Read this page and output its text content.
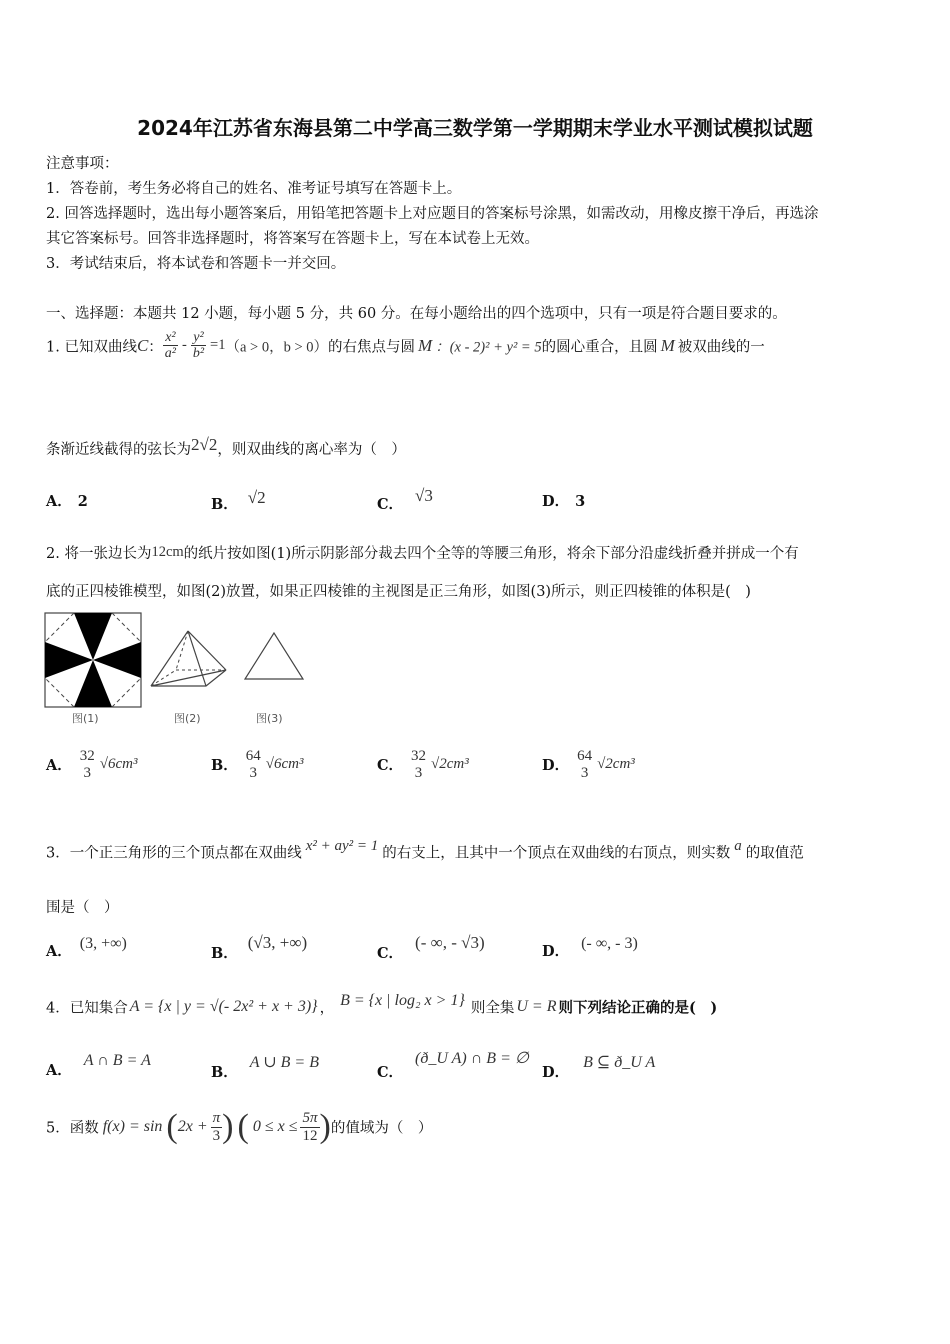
2024年江苏省东海县第二中学高三数学第一学期期末学业水平测试模拟试题
注意事项：
1．答卷前，考生务必将自己的姓名、准考证号填写在答题卡上。
2. 回答选择题时，选出每小题答案后，用铅笔把答题卡上对应题目的答案标号涂黑，如需改动，用橡皮擦干净后，再选涂
其它答案标号。回答非选择题时，将答案写在答题卡上，写在本试卷上无效。
3．考试结束后，将本试卷和答题卡一并交回。
一、选择题：本题共 12 小题，每小题 5 分，共 60 分。在每小题给出的四个选项中，只有一项是符合题目要求的。
1. 已知双曲线C： $\frac{\text{x²}}{\text{a²}} - \frac{\text{y²}}{\text{b²}} =1(a > 0$，b > 0）的右焦点与圆 M ：(x - 2)² + y² = 5的圆心重合，且圆 M 被双曲线的一
条渐近线截得的弦长为2√2，则双曲线的离心率为（　）
A． 2	B． √2	C． √3	D． 3
2. 将一张边长为12cm的纸片按如图(1)所示阴影部分裁去四个全等的等腰三角形，将余下部分沿虚线折叠并拼成一个有
底的正四棱锥模型，如图(2)放置，如果正四棱锥的主视图是正三角形，如图(3)所示，则正四棱锥的体积是(　)
图(1)	图(2)	图(3)
A．
32
3
√6cm³	B．
64
3
√6cm³	C．
32
3
√2cm³	D．
64
3
√2cm³
3．一个正三角形的三个顶点都在双曲线 x² + ay² = 1 的右支上，且其中一个顶点在双曲线的右顶点，则实数 a 的取值范
围是（　）
A． (3, +∞)
B．(√3, +∞)
C．(- ∞, - √3)	D． (- ∞, - 3)
4．已知集合 A = {x | y = √(- 2x² + x + 3)} ， B = {x | log₂ x > 1} 则全集 U = R 则下列结论正确的是(　)
A．A ∩ B = A
B．A ∪ B = B
C．(ð_U A) ∩ B = ∅
D．B ⊆ ð_U A
5．函数 $f(x) = \sin (2x + \frac{\pi}{3}$ ) ( $0 \le x \le \frac{5\pi}{12}$ )的值域为（　）
